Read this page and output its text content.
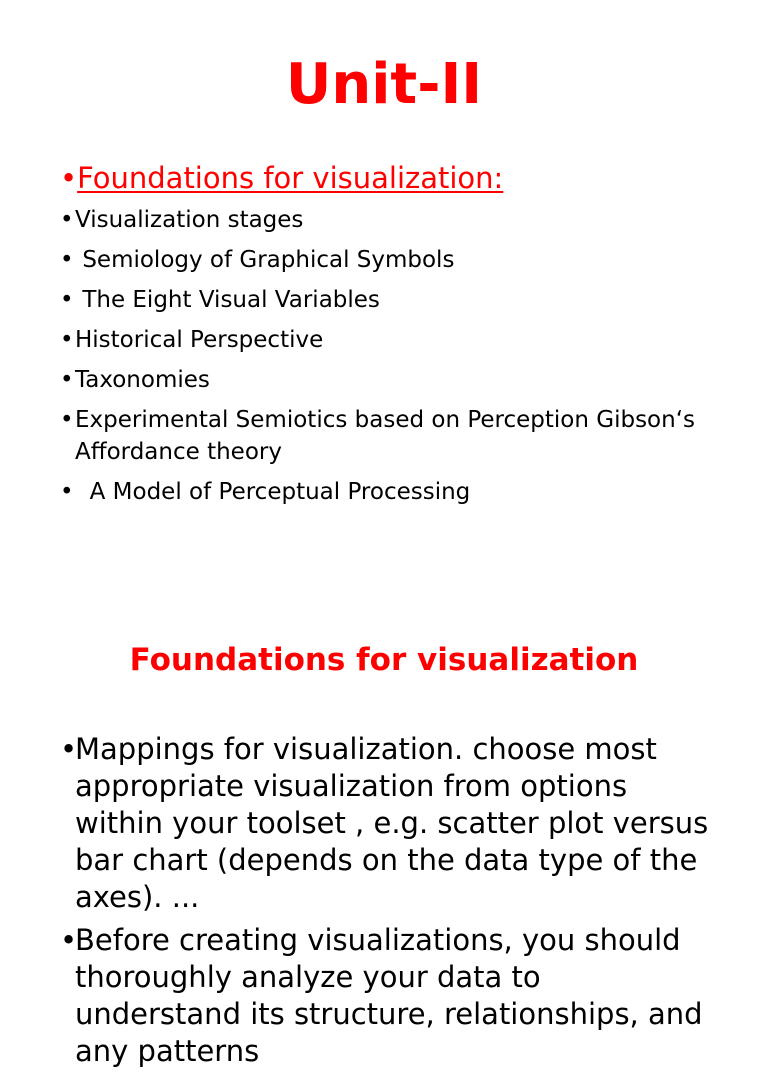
Unit-II
•Foundations for visualization:
• Visualization stages
• Semiology of Graphical Symbols
• The Eight Visual Variables
• Historical Perspective
• Taxonomies
• Experimental Semiotics based on Perception Gibson‘s Affordance theory
• A Model of Perceptual Processing
Foundations for visualization
•
Mappings for visualization. choose most appropriate visualization from options within your toolset , e.g. scatter plot versus bar chart (depends on the data type of the axes). ...
•
Before creating visualizations, you should thoroughly analyze your data to understand its structure, relationships, and any patterns
